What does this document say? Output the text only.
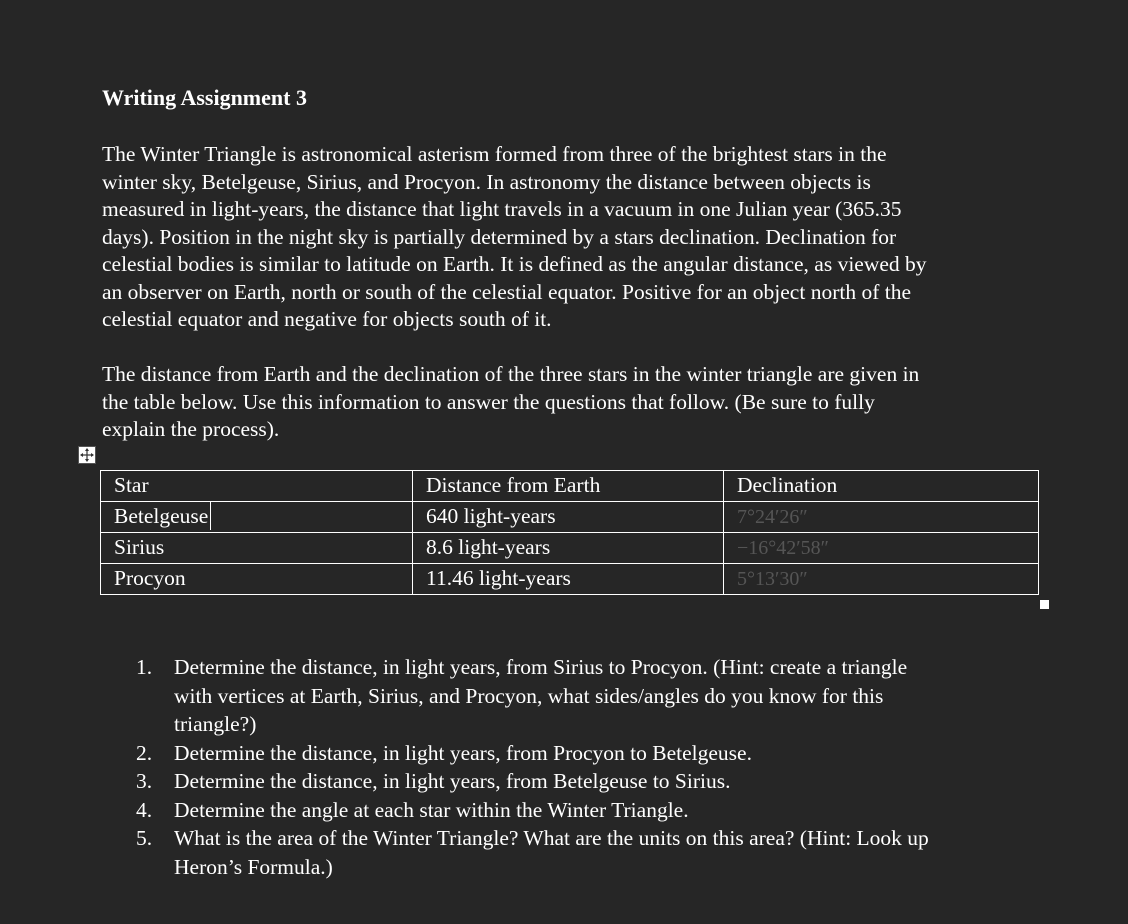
Writing Assignment 3

The Winter Triangle is astronomical asterism formed from three of the brightest stars in the
winter sky, Betelgeuse, Sirius, and Procyon. In astronomy the distance between objects is
measured in light-years, the distance that light travels in a vacuum in one Julian year (365.35
days). Position in the night sky is partially determined by a stars declination. Declination for
celestial bodies is similar to latitude on Earth. It is defined as the angular distance, as viewed by
an observer on Earth, north or south of the celestial equator. Positive for an object north of the
celestial equator and negative for objects south of it.

The distance from Earth and the declination of the three stars in the winter triangle are given in
the table below. Use this information to answer the questions that follow. (Be sure to fully
explain the process).

Star	Distance from Earth	Declination
Betelgeuse	640 light-years	7°24′26″
Sirius	8.6 light-years	−16°42′58″
Procyon	11.46 light-years	5°13′30″
1. Determine the distance, in light years, from Sirius to Procyon. (Hint: create a triangle
with vertices at Earth, Sirius, and Procyon, what sides/angles do you know for this
triangle?)
2. Determine the distance, in light years, from Procyon to Betelgeuse.
3. Determine the distance, in light years, from Betelgeuse to Sirius.
4. Determine the angle at each star within the Winter Triangle.
5. What is the area of the Winter Triangle? What are the units on this area? (Hint: Look up
Heron’s Formula.)
